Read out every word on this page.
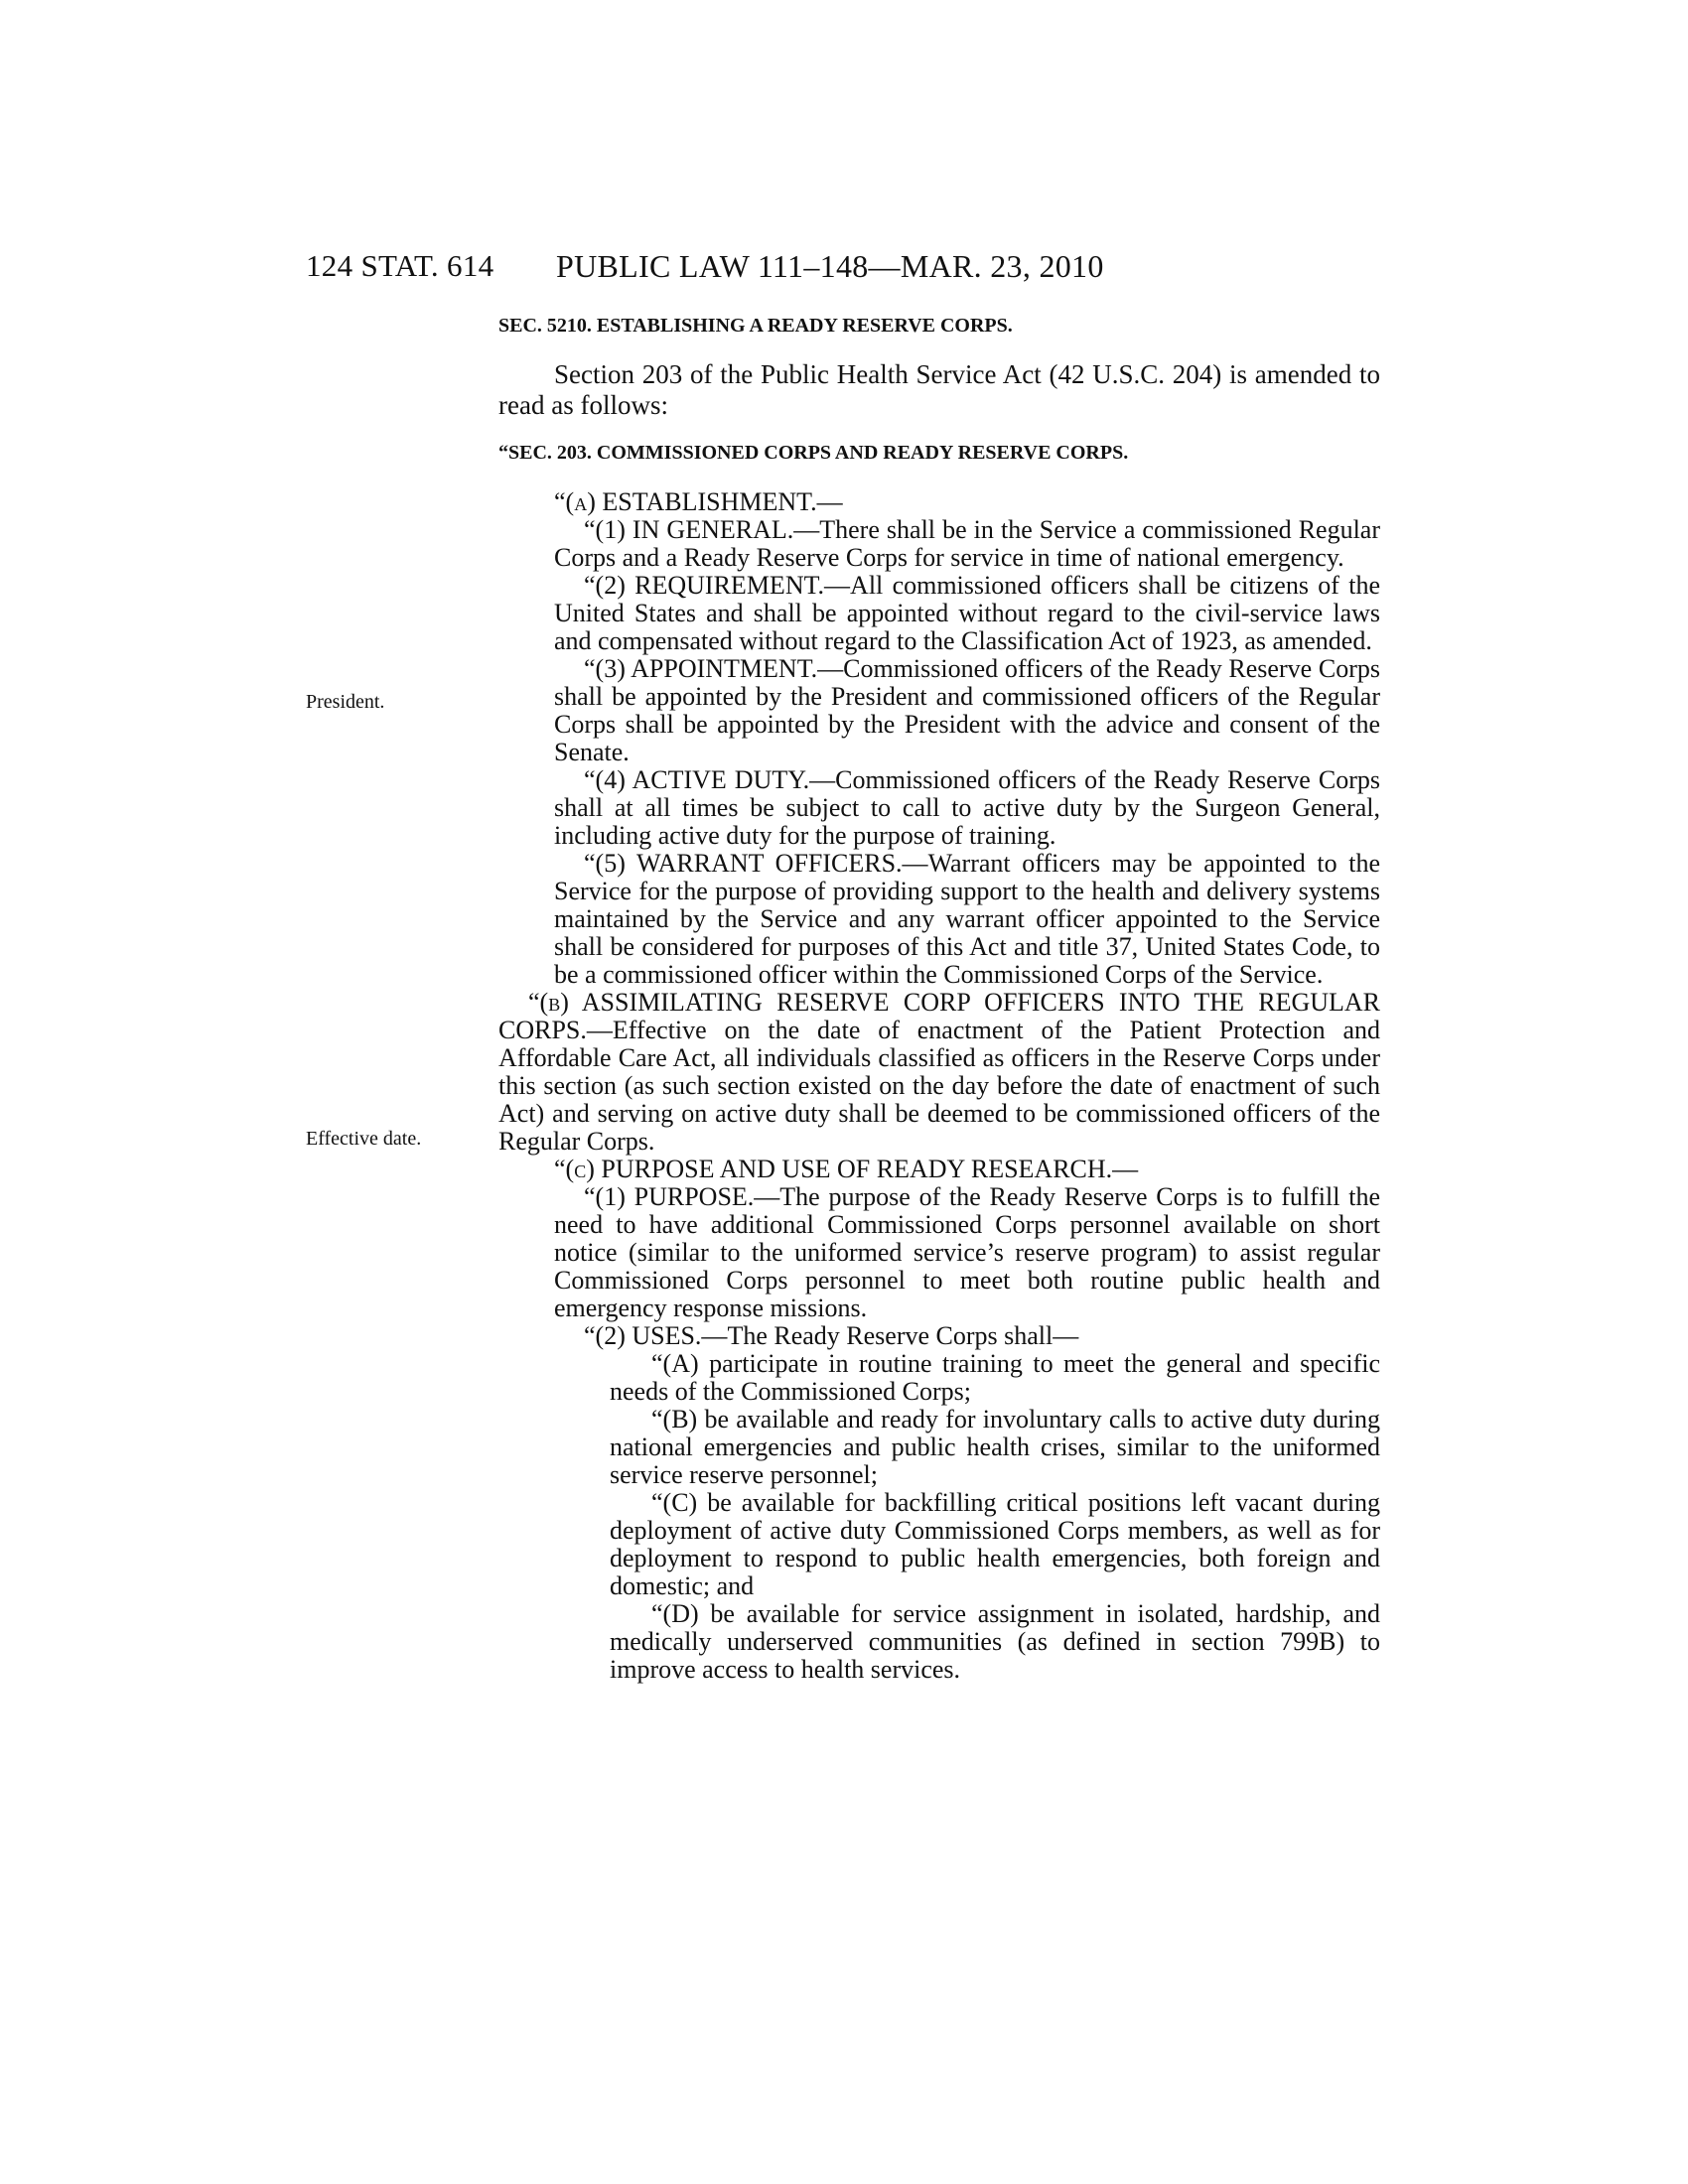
124 STAT. 614 PUBLIC LAW 111–148—MAR. 23, 2010
President.
Effective date.

SEC. 5210. ESTABLISHING A READY RESERVE CORPS.

Section 203 of the Public Health Service Act (42 U.S.C. 204) is amended to read as follows:

“SEC. 203. COMMISSIONED CORPS AND READY RESERVE CORPS.

“(a) ESTABLISHMENT.—

“(1) IN GENERAL.—There shall be in the Service a commissioned Regular Corps and a Ready Reserve Corps for service in time of national emergency.

“(2) REQUIREMENT.—All commissioned officers shall be citizens of the United States and shall be appointed without regard to the civil-service laws and compensated without regard to the Classification Act of 1923, as amended.

“(3) APPOINTMENT.—Commissioned officers of the Ready Reserve Corps shall be appointed by the President and commissioned officers of the Regular Corps shall be appointed by the President with the advice and consent of the Senate.

“(4) ACTIVE DUTY.—Commissioned officers of the Ready Reserve Corps shall at all times be subject to call to active duty by the Surgeon General, including active duty for the purpose of training.

“(5) WARRANT OFFICERS.—Warrant officers may be appointed to the Service for the purpose of providing support to the health and delivery systems maintained by the Service and any warrant officer appointed to the Service shall be considered for purposes of this Act and title 37, United States Code, to be a commissioned officer within the Commissioned Corps of the Service.

“(b) ASSIMILATING RESERVE CORP OFFICERS INTO THE REGULAR CORPS.—Effective on the date of enactment of the Patient Protection and Affordable Care Act, all individuals classified as officers in the Reserve Corps under this section (as such section existed on the day before the date of enactment of such Act) and serving on active duty shall be deemed to be commissioned officers of the Regular Corps.

“(c) PURPOSE AND USE OF READY RESEARCH.—

“(1) PURPOSE.—The purpose of the Ready Reserve Corps is to fulfill the need to have additional Commissioned Corps personnel available on short notice (similar to the uniformed service’s reserve program) to assist regular Commissioned Corps personnel to meet both routine public health and emergency response missions.

“(2) USES.—The Ready Reserve Corps shall—

“(A) participate in routine training to meet the general and specific needs of the Commissioned Corps;

“(B) be available and ready for involuntary calls to active duty during national emergencies and public health crises, similar to the uniformed service reserve personnel;

“(C) be available for backfilling critical positions left vacant during deployment of active duty Commissioned Corps members, as well as for deployment to respond to public health emergencies, both foreign and domestic; and

“(D) be available for service assignment in isolated, hardship, and medically underserved communities (as defined in section 799B) to improve access to health services.
